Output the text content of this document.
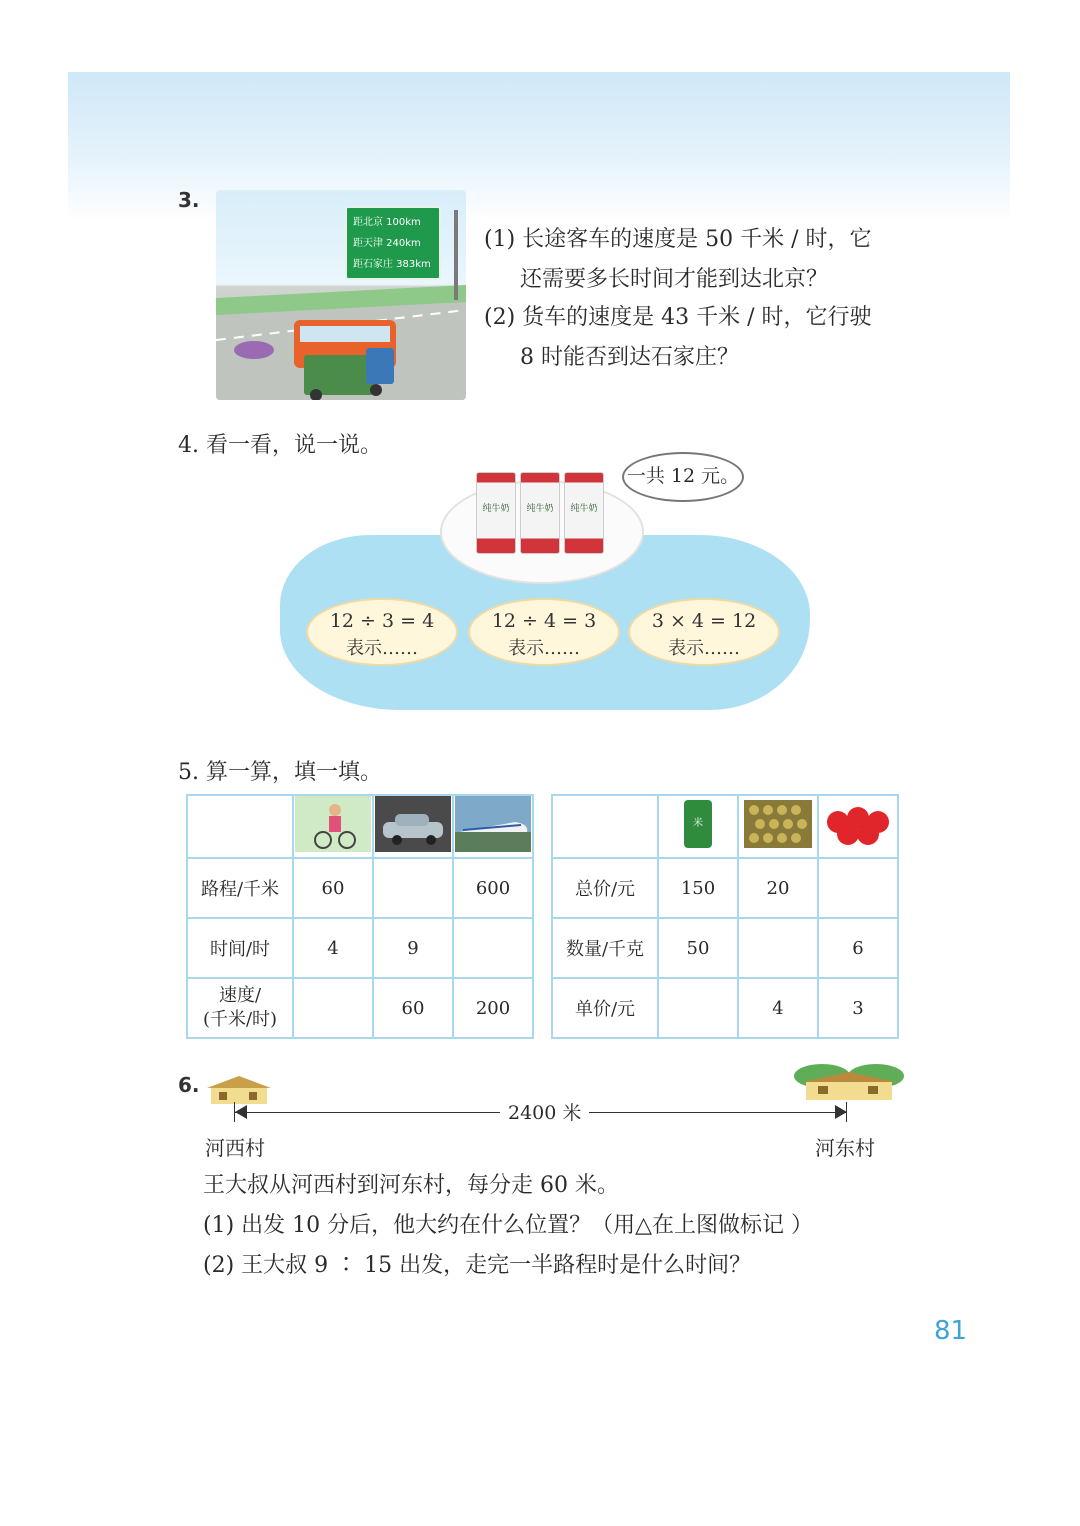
3.
距北京 100km
距天津 240km
距石家庄 383km
(1) 长途客车的速度是 50 千米 / 时，它
还需要多长时间才能到达北京？
(2) 货车的速度是 43 千米 / 时，它行驶
8 时能否到达石家庄？
4. 看一看，说一说。
纯牛奶	纯牛奶	纯牛奶
一共 12 元。
12 ÷ 3 = 4
表示……
12 ÷ 4 = 3
表示……
3 × 4 = 12
表示……
5. 算一算，填一填。

路程/千米	60		600
时间/时	4	9	

速度/
(千米/时)		60	200

米

总价/元	150	20	
数量/千克	50		6
单价/元		4	3
6.
2400 米
河西村	河东村
王大叔从河西村到河东村，每分走 60 米。
(1) 出发 10 分后，他大约在什么位置？（用△在上图做标记 ）
(2) 王大叔 9 ∶ 15 出发，走完一半路程时是什么时间？
81
